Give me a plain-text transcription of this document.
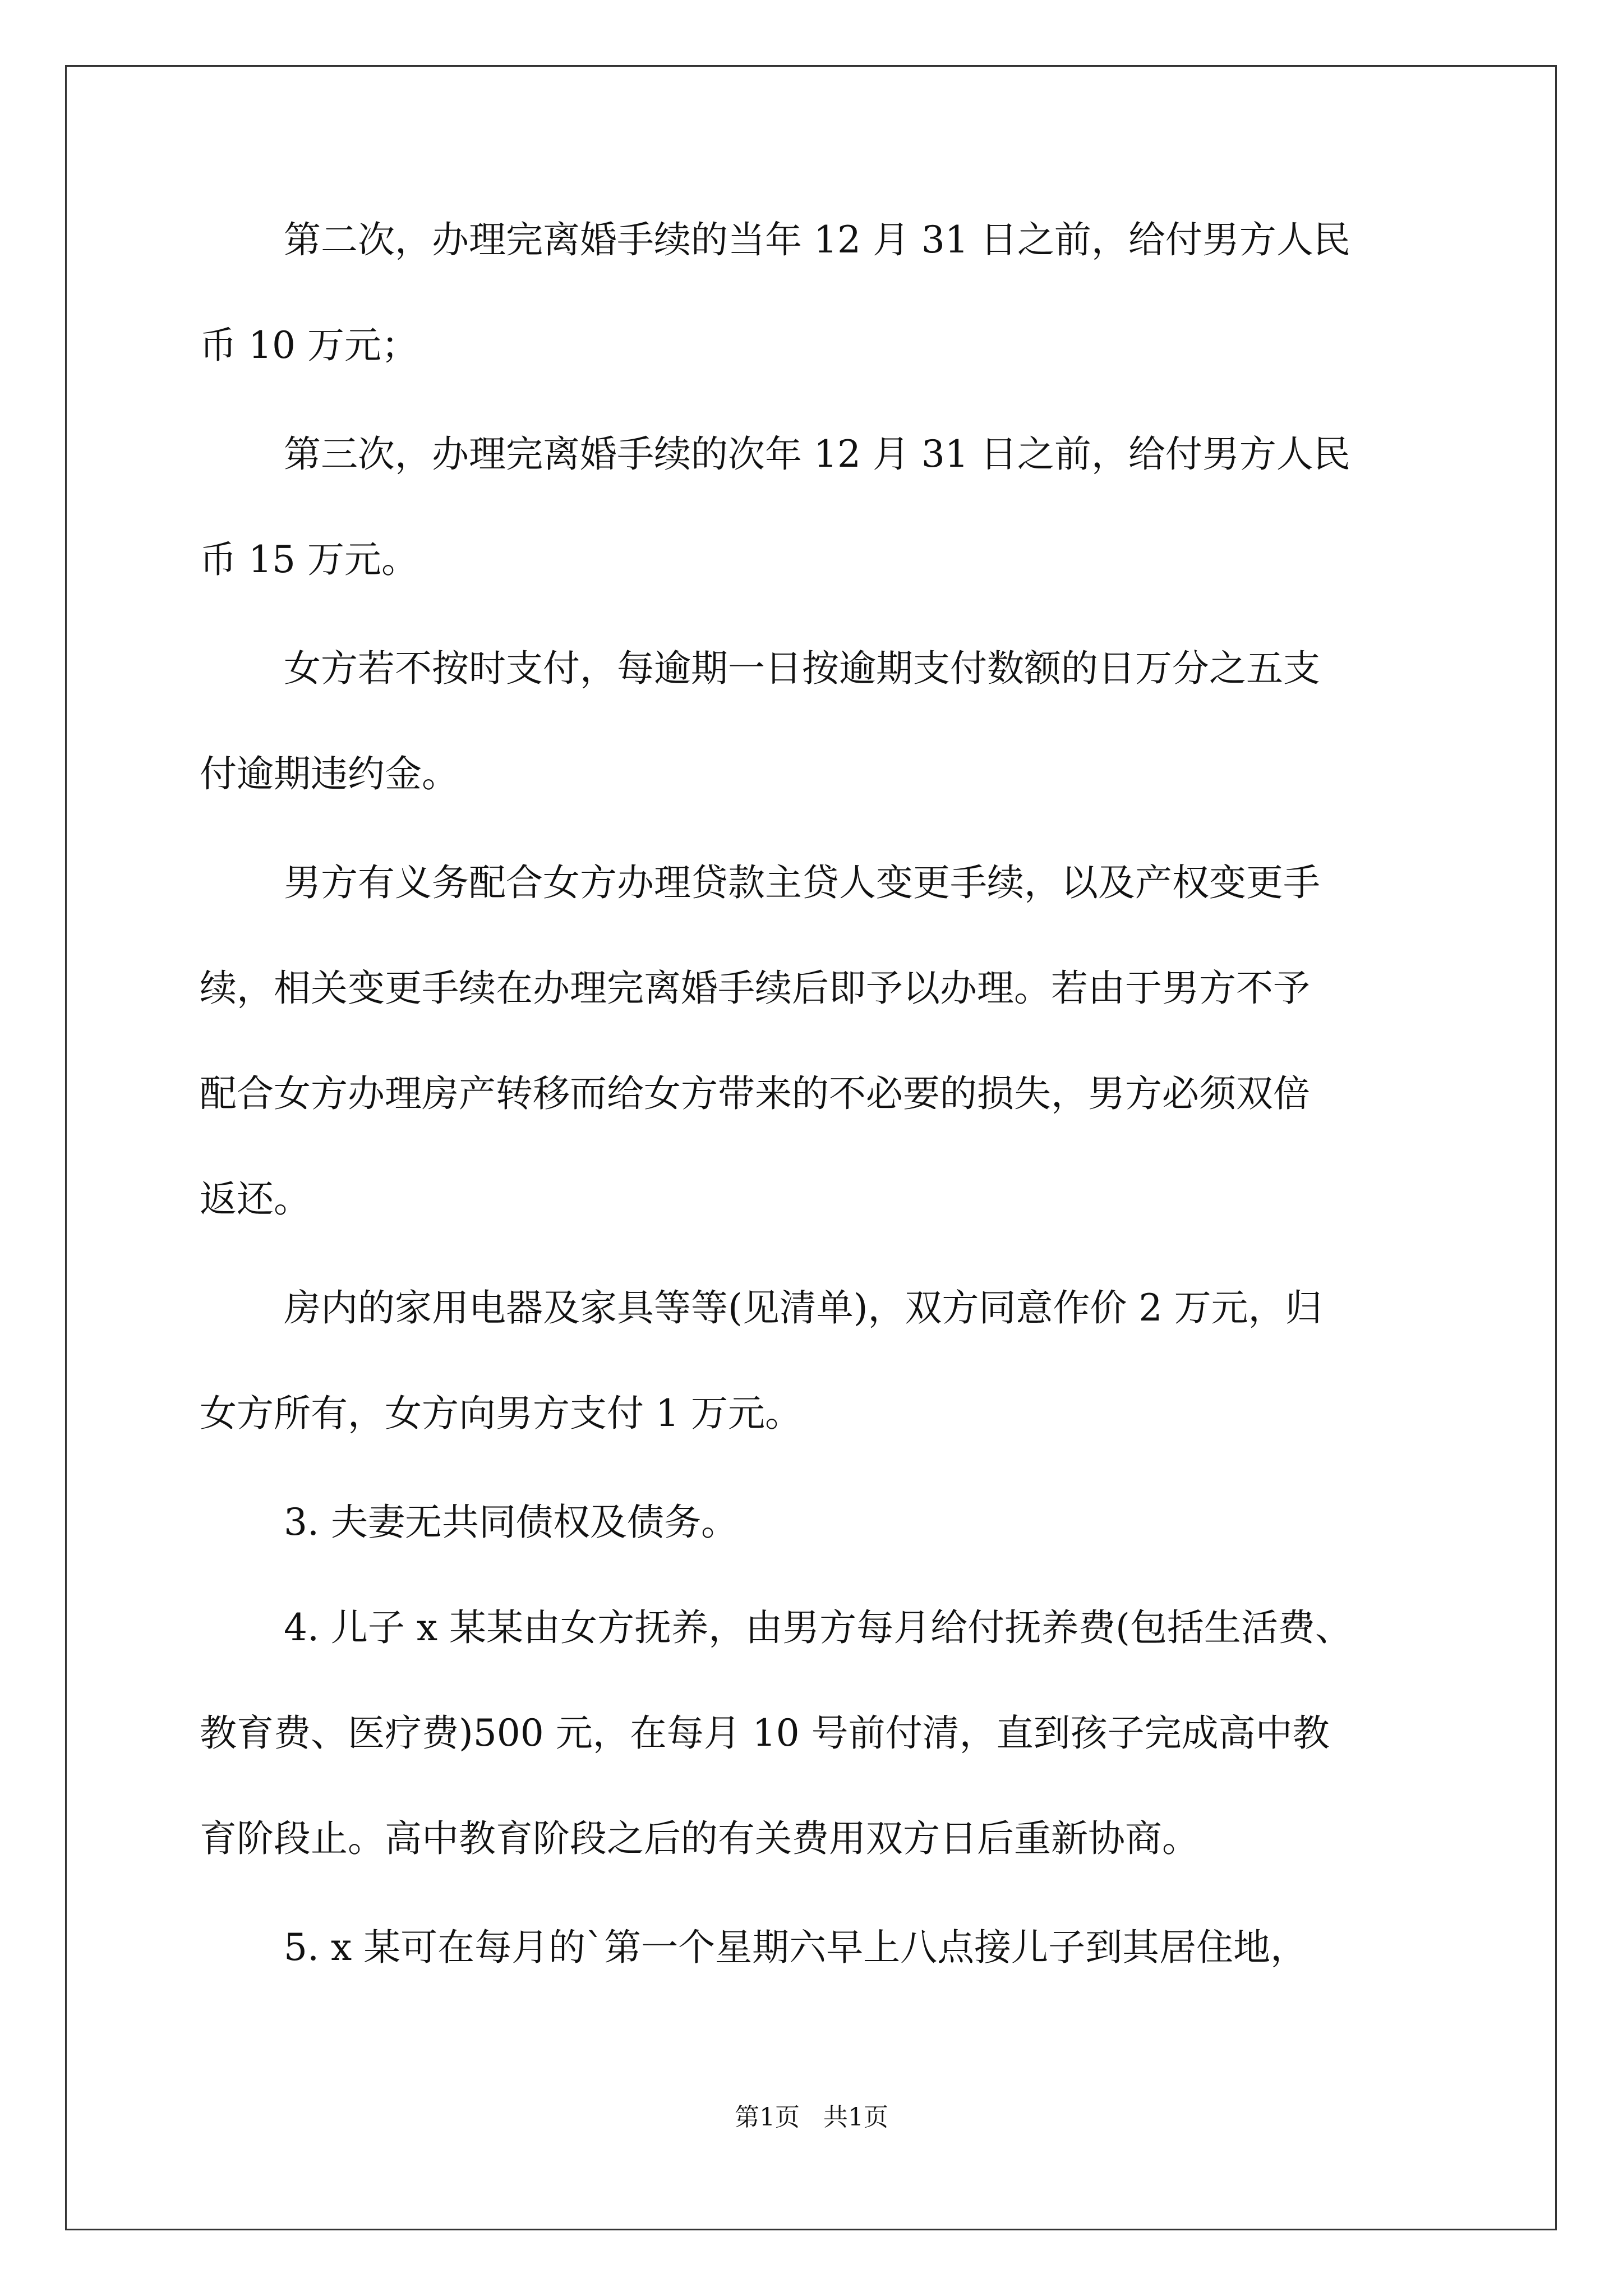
第二次，办理完离婚手续的当年 12 月 31 日之前，给付男方人民
币 10 万元；
第三次，办理完离婚手续的次年 12 月 31 日之前，给付男方人民
币 15 万元。
女方若不按时支付，每逾期一日按逾期支付数额的日万分之五支
付逾期违约金。
男方有义务配合女方办理贷款主贷人变更手续，以及产权变更手
续，相关变更手续在办理完离婚手续后即予以办理。若由于男方不予
配合女方办理房产转移而给女方带来的不必要的损失，男方必须双倍
返还。
房内的家用电器及家具等等(见清单)，双方同意作价 2 万元，归
女方所有，女方向男方支付 1 万元。
3. 夫妻无共同债权及债务。
4. 儿子 x 某某由女方抚养，由男方每月给付抚养费(包括生活费、
教育费、医疗费)500 元，在每月 10 号前付清，直到孩子完成高中教
育阶段止。高中教育阶段之后的有关费用双方日后重新协商。
5. x 某可在每月的`第一个星期六早上八点接儿子到其居住地，
第1页   共1页
